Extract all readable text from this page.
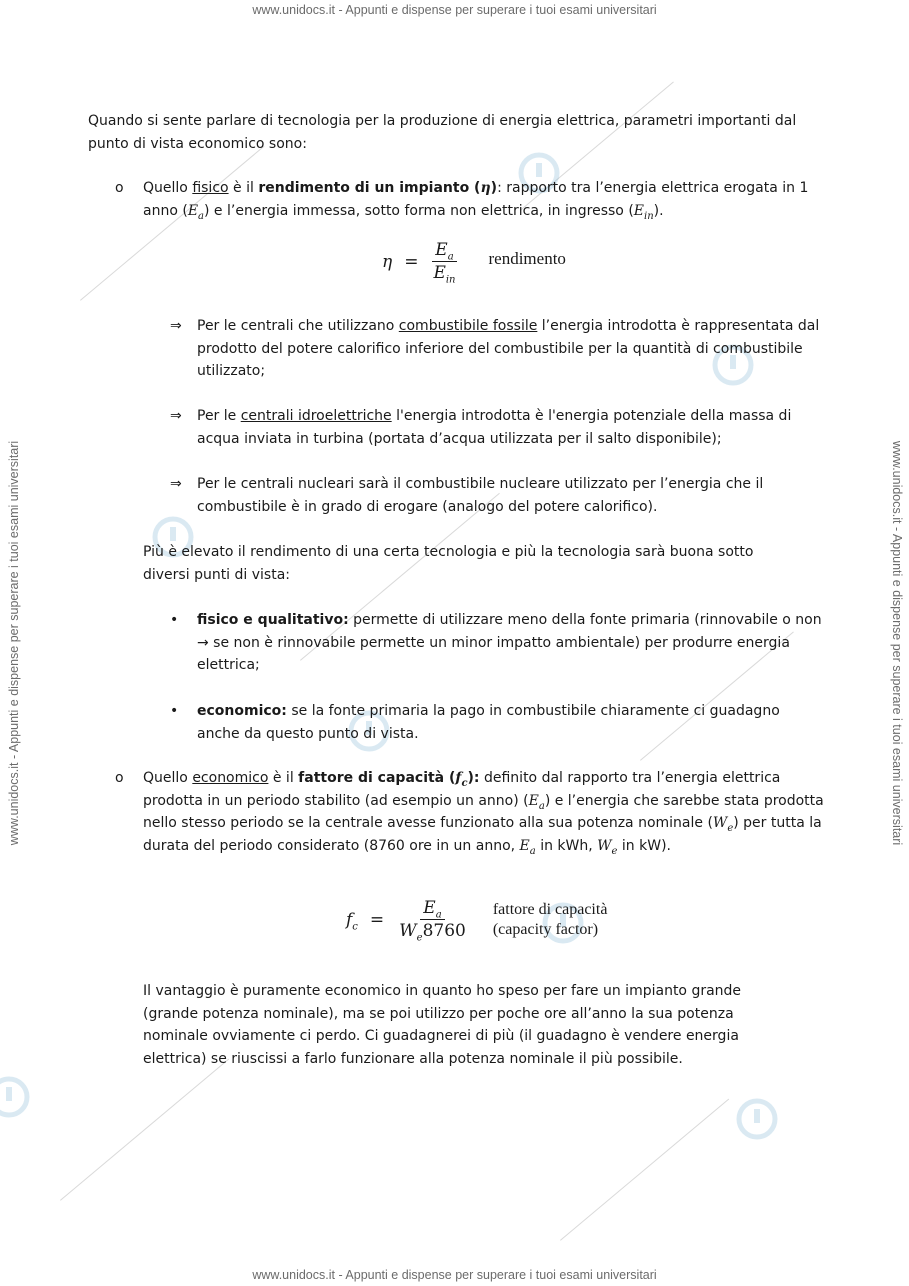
www.unidocs.it - Appunti e dispense per superare i tuoi esami universitari
www.unidocs.it - Appunti e dispense per superare i tuoi esami universitari
www.unidocs.it - Appunti e dispense per superare i tuoi esami universitari	www.unidocs.it - Appunti e dispense per superare i tuoi esami universitari
Quando si sente parlare di tecnologia per la produzione di energia elettrica, parametri importanti dal punto di vista economico sono:
o Quello fisico è il rendimento di un impianto (η): rapporto tra l’energia elettrica erogata in 1 anno $(E_a)$ e l’energia immessa, sotto forma non elettrica, in ingresso $(E_{in})$.
$\eta = \frac{E_a}{E_{in}}$ rendimento
⇒ Per le centrali che utilizzano combustibile fossile l’energia introdotta è rappresentata dal prodotto del potere calorifico inferiore del combustibile per la quantità di combustibile utilizzato;
⇒ Per le centrali idroelettriche l'energia introdotta è l'energia potenziale della massa di acqua inviata in turbina (portata d’acqua utilizzata per il salto disponibile);
⇒ Per le centrali nucleari sarà il combustibile nucleare utilizzato per l’energia che il combustibile è in grado di erogare (analogo del potere calorifico).
Più è elevato il rendimento di una certa tecnologia e più la tecnologia sarà buona sotto diversi punti di vista:
• fisico e qualitativo: permette di utilizzare meno della fonte primaria (rinnovabile o non → se non è rinnovabile permette un minor impatto ambientale) per produrre energia elettrica;
• economico: se la fonte primaria la pago in combustibile chiaramente ci guadagno anche da questo punto di vista.
o Quello economico è il fattore di capacità $(f_c)$: definito dal rapporto tra l’energia elettrica prodotta in un periodo stabilito (ad esempio un anno) $(E_a)$ e l’energia che sarebbe stata prodotta nello stesso periodo se la centrale avesse funzionato alla sua potenza nominale $(W_e)$ per tutta la durata del periodo considerato (8760 ore in un anno, $E_a$ in kWh, $W_e$ in kW).
$f_c = \frac{E_a}{W_e8760}$ fattore di capacità
(capacity factor)
Il vantaggio è puramente economico in quanto ho speso per fare un impianto grande (grande potenza nominale), ma se poi utilizzo per poche ore all’anno la sua potenza nominale ovviamente ci perdo. Ci guadagnerei di più (il guadagno è vendere energia elettrica) se riuscissi a farlo funzionare alla potenza nominale il più possibile.
